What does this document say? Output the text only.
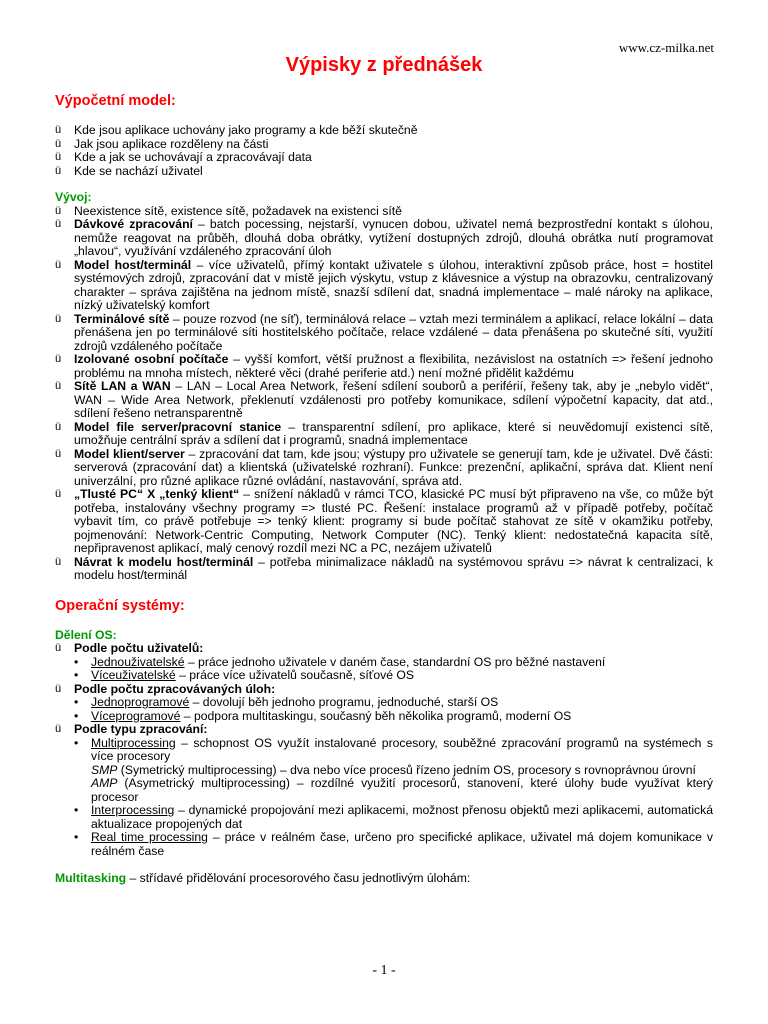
www.cz-milka.net
Výpisky z přednášek
Výpočetní model:
ü Kde jsou aplikace uchovány jako programy a kde běží skutečně
ü Jak jsou aplikace rozděleny na části
ü Kde a jak se uchovávají a zpracovávají data
ü Kde se nachází uživatel
Vývoj:
ü Neexistence sítě, existence sítě, požadavek na existenci sítě
ü Dávkové zpracování – batch pocessing, nejstarší, vynucen dobou, uživatel nemá bezprostřední kontakt s úlohou, nemůže reagovat na průběh, dlouhá doba obrátky, vytížení dostupných zdrojů, dlouhá obrátka nutí programovat „hlavou“, využívání vzdáleného zpracování úloh
ü Model host/terminál – více uživatelů, přímý kontakt uživatele s úlohou, interaktivní způsob práce, host = hostitel systémových zdrojů, zpracování dat v místě jejich výskytu, vstup z klávesnice a výstup na obrazovku, centralizovaný charakter – správa zajištěna na jednom místě, snazší sdílení dat, snadná implementace – malé nároky na aplikace, nízký uživatelský komfort
ü Terminálové sítě – pouze rozvod (ne síť), terminálová relace – vztah mezi terminálem a aplikací, relace lokální – data přenášena jen po terminálové síti hostitelského počítače, relace vzdálené – data přenášena po skutečné síti, využití zdrojů vzdáleného počítače
ü Izolované osobní počítače – vyšší komfort, větší pružnost a flexibilita, nezávislost na ostatních => řešení jednoho problému na mnoha místech, některé věci (drahé periferie atd.) není možné přidělit každému
ü Sítě LAN a WAN – LAN – Local Area Network, řešení sdílení souborů a periférií, řešeny tak, aby je „nebylo vidět“, WAN – Wide Area Network, překlenutí vzdálenosti pro potřeby komunikace, sdílení výpočetní kapacity, dat atd., sdílení řešeno netransparentně
ü Model file server/pracovní stanice – transparentní sdílení, pro aplikace, které si neuvědomují existenci sítě, umožňuje centrální správ a sdílení dat i programů, snadná implementace
ü Model klient/server – zpracování dat tam, kde jsou; výstupy pro uživatele se generují tam, kde je uživatel. Dvě části: serverová (zpracování dat) a klientská (uživatelské rozhraní). Funkce: prezenční, aplikační, správa dat. Klient není univerzální, pro různé aplikace různé ovládání, nastavování, správa atd.
ü „Tlusté PC“ X „tenký klient“ – snížení nákladů v rámci TCO, klasické PC musí být připraveno na vše, co může být potřeba, instalovány všechny programy => tlusté PC. Řešení: instalace programů až v případě potřeby, počítač vybavit tím, co právě potřebuje => tenký klient: programy si bude počítač stahovat ze sítě v okamžiku potřeby, pojmenování: Network-Centric Computing, Network Computer (NC). Tenký klient: nedostatečná kapacita sítě, nepřipravenost aplikací, malý cenový rozdíl mezi NC a PC, nezájem uživatelů
ü Návrat k modelu host/terminál – potřeba minimalizace nákladů na systémovou správu => návrat k centralizaci, k modelu host/terminál
Operační systémy:
Dělení OS:
ü Podle počtu uživatelů:
• Jednouživatelské – práce jednoho uživatele v daném čase, standardní OS pro běžné nastavení
• Víceuživatelské – práce více uživatelů současně, síťové OS
ü Podle počtu zpracovávaných úloh:
• Jednoprogramové – dovolují běh jednoho programu, jednoduché, starší OS
• Víceprogramové – podpora multitaskingu, současný běh několika programů, moderní OS
ü Podle typu zpracování:
• Multiprocessing – schopnost OS využít instalované procesory, souběžné zpracování programů na systémech s více procesory
SMP (Symetrický multiprocessing) – dva nebo více procesů řízeno jedním OS, procesory s rovnoprávnou úrovní
AMP (Asymetrický multiprocessing) – rozdílné využití procesorů, stanovení, které úlohy bude využívat který procesor
• Interprocessing – dynamické propojování mezi aplikacemi, možnost přenosu objektů mezi aplikacemi, automatická aktualizace propojených dat
• Real time processing – práce v reálném čase, určeno pro specifické aplikace, uživatel má dojem komunikace v reálném čase
Multitasking – střídavé přidělování procesorového času jednotlivým úlohám:
- 1 -
